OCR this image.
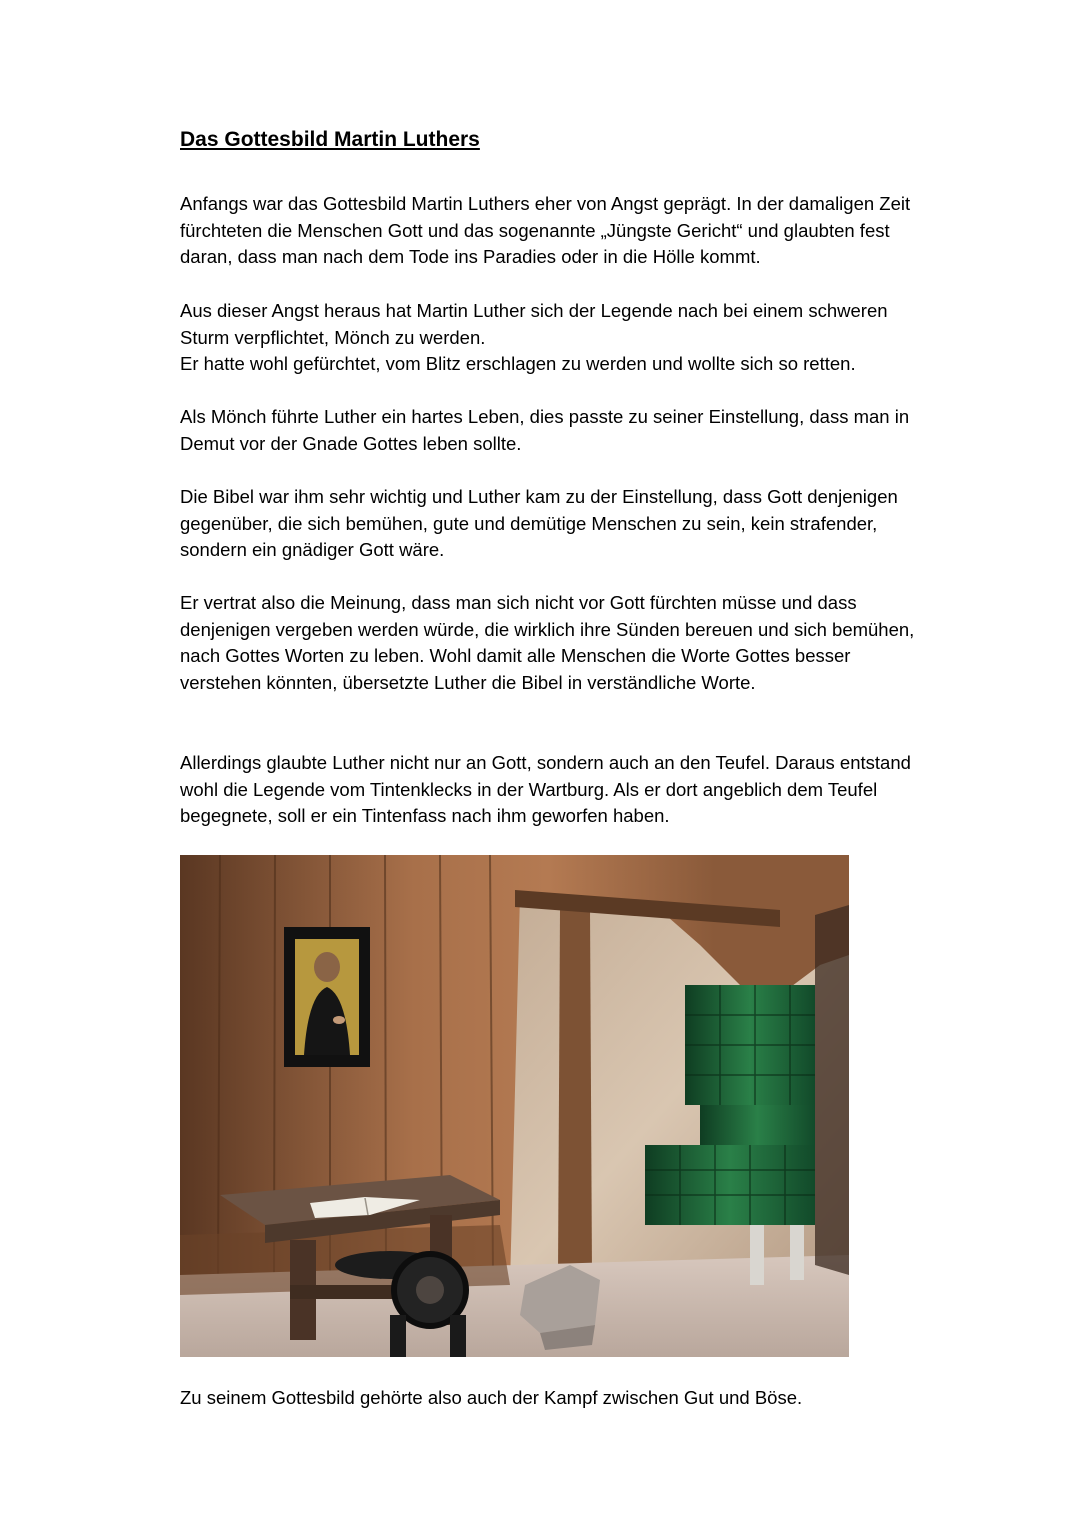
Das Gottesbild Martin Luthers

Anfangs war das Gottesbild Martin Luthers eher von Angst geprägt. In der damaligen Zeit fürchteten die Menschen Gott und das sogenannte „Jüngste Gericht“ und glaubten fest daran, dass man nach dem Tode ins Paradies oder in die Hölle kommt.

Aus dieser Angst heraus hat Martin Luther sich der Legende nach bei einem schweren Sturm verpflichtet, Mönch zu werden.

Er hatte wohl gefürchtet, vom Blitz erschlagen zu werden und wollte sich so retten.

Als Mönch führte Luther ein hartes Leben, dies passte zu seiner Einstellung, dass man in Demut vor der Gnade Gottes leben sollte.

Die Bibel war ihm sehr wichtig und Luther kam zu der Einstellung, dass Gott denjenigen gegenüber, die sich bemühen, gute und demütige Menschen zu sein, kein strafender, sondern ein gnädiger Gott wäre.

Er vertrat also die Meinung, dass man sich nicht vor Gott fürchten müsse und dass denjenigen vergeben werden würde, die wirklich ihre Sünden bereuen und sich bemühen, nach Gottes Worten zu leben. Wohl damit alle Menschen die Worte Gottes besser verstehen könnten, übersetzte Luther die Bibel in verständliche Worte.

Allerdings glaubte Luther nicht nur an Gott, sondern auch an den Teufel. Daraus entstand wohl die Legende vom Tintenklecks in der Wartburg. Als er dort angeblich dem Teufel begegnete, soll er ein Tintenfass nach ihm geworfen haben.

Zu seinem Gottesbild gehörte also auch der Kampf zwischen Gut und Böse.
